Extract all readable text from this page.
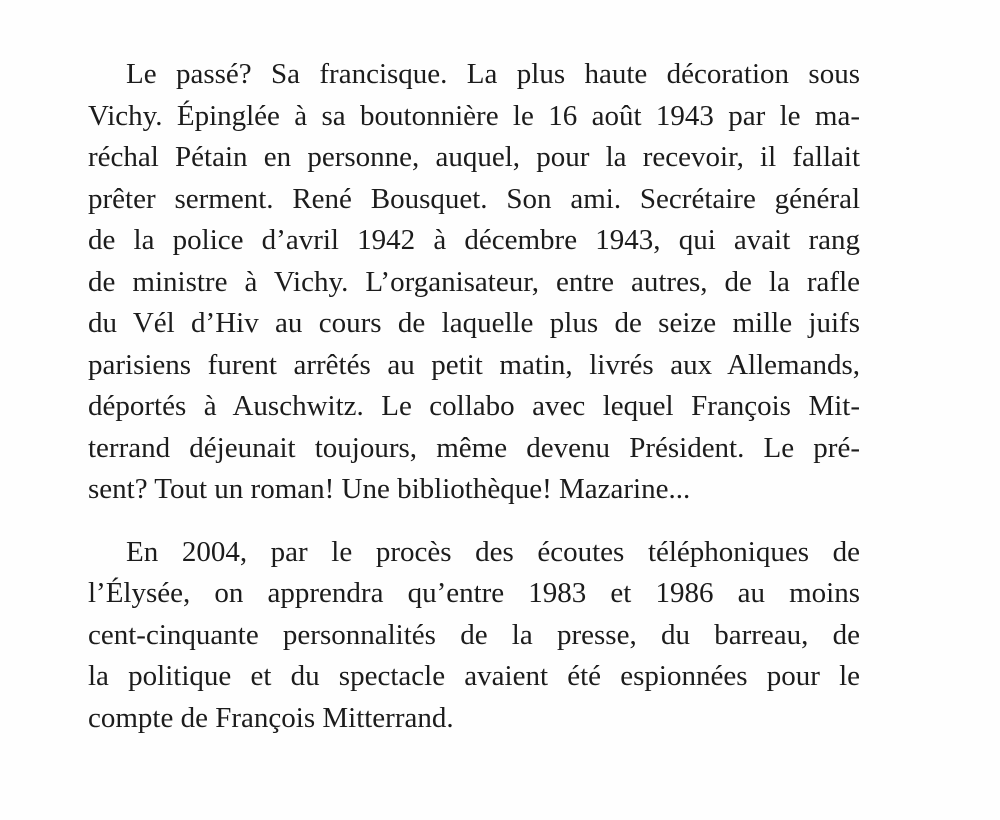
Le passé? Sa francisque. La plus haute décoration sous
Vichy. Épinglée à sa boutonnière le 16 août 1943 par le ma-
réchal Pétain en personne, auquel, pour la recevoir, il fallait
prêter serment. René Bousquet. Son ami. Secrétaire général
de la police d’avril 1942 à décembre 1943, qui avait rang
de ministre à Vichy. L’organisateur, entre autres, de la rafle
du Vél d’Hiv au cours de laquelle plus de seize mille juifs
parisiens furent arrêtés au petit matin, livrés aux Allemands,
déportés à Auschwitz. Le collabo avec lequel François Mit-
terrand déjeunait toujours, même devenu Président. Le pré-
sent? Tout un roman! Une bibliothèque! Mazarine...

En 2004, par le procès des écoutes téléphoniques de
l’Élysée, on apprendra qu’entre 1983 et 1986 au moins
cent-cinquante personnalités de la presse, du barreau, de
la politique et du spectacle avaient été espionnées pour le
compte de François Mitterrand.
